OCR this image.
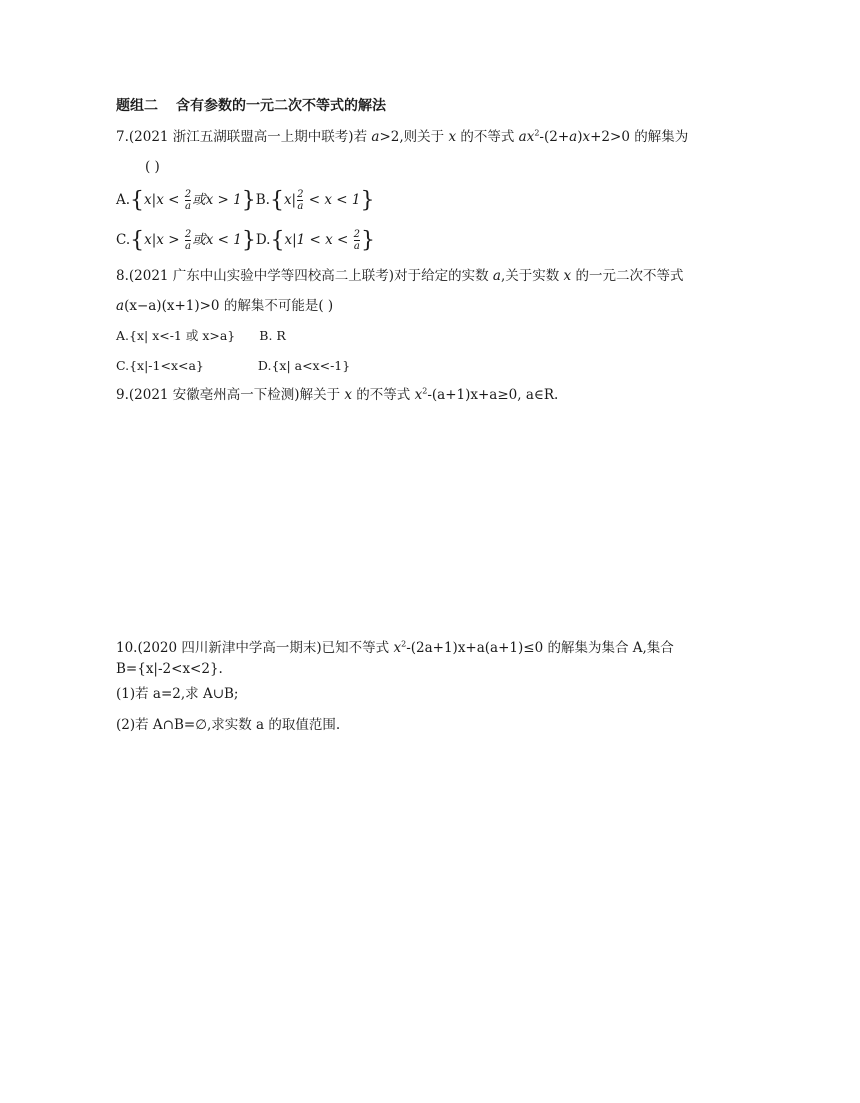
题组二 含有参数的一元二次不等式的解法
7.(2021 浙江五湖联盟高一上期中联考)若 a>2,则关于 x 的不等式 $ax^2-(2+a)x+2>0$ 的解集为
( )
$A.\{x|x < \frac{2}{a}$ 或$x > 1\}B.\{x| \frac{2}{a} < x < 1\}$
$C.\{x|x > \frac{2}{a}$ 或$x < 1\}D.\{x|1 < x < \frac{2}{a}$ }
8.(2021 广东中山实验中学等四校高二上联考)对于给定的实数 a,关于实数 x 的一元二次不等式
a(x−a)(x+1)>0 的解集不可能是( )
A.{x| x<-1 或 x>a} B. R
C.{x|-1<x<a}	D.{x| a<x<-1}
9.(2021 安徽亳州高一下检测)解关于 x 的不等式 $x^2-(a+1)x+a\ge 0$, a∈R.
10.(2020 四川新津中学高一期末)已知不等式 $x^2-(2a+1)x+a(a+1)\le 0$ 的解集为集合 A,集合
B={x|-2<x<2}.
(1)若 a=2,求 A∪B;
(2)若 A∩B=∅,求实数 a 的取值范围.
